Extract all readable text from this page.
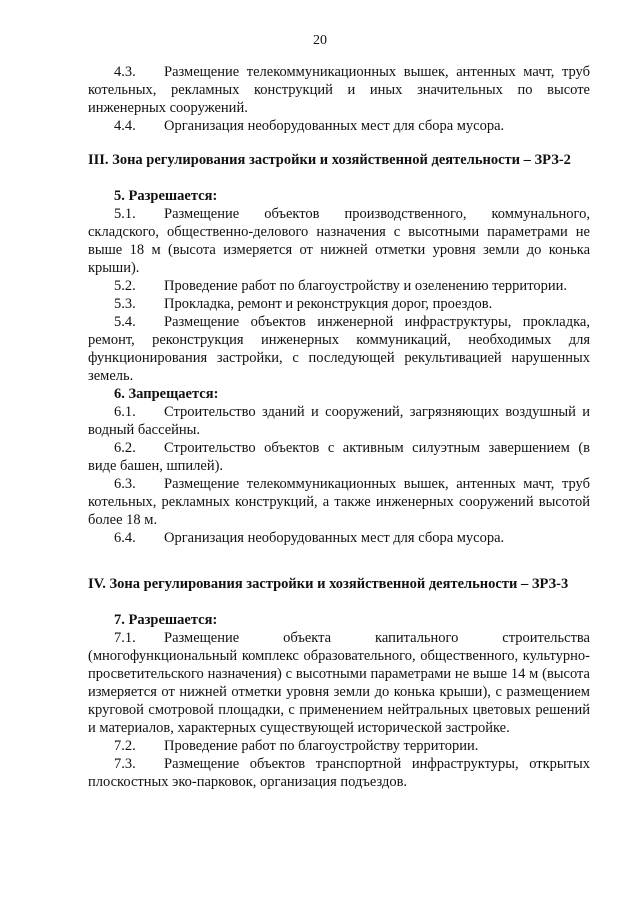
20

4.3. Размещение телекоммуникационных вышек, антенных мачт, труб котельных, рекламных конструкций и иных значительных по высоте инженерных сооружений.

4.4. Организация необорудованных мест для сбора мусора.

III. Зона регулирования застройки и хозяйственной деятельности – ЗРЗ-2

5. Разрешается:

5.1. Размещение объектов производственного, коммунального, складского, общественно-делового назначения с высотными параметрами не выше 18 м (высота измеряется от нижней отметки уровня земли до конька крыши).

5.2. Проведение работ по благоустройству и озеленению территории.

5.3. Прокладка, ремонт и реконструкция дорог, проездов.

5.4. Размещение объектов инженерной инфраструктуры, прокладка, ремонт, реконструкция инженерных коммуникаций, необходимых для функционирования застройки, с последующей рекультивацией нарушенных земель.

6. Запрещается:

6.1. Строительство зданий и сооружений, загрязняющих воздушный и водный бассейны.

6.2. Строительство объектов с активным силуэтным завершением (в виде башен, шпилей).

6.3. Размещение телекоммуникационных вышек, антенных мачт, труб котельных, рекламных конструкций, а также инженерных сооружений высотой более 18 м.

6.4. Организация необорудованных мест для сбора мусора.

IV. Зона регулирования застройки и хозяйственной деятельности – ЗРЗ-3

7. Разрешается:

7.1. Размещение объекта капитального строительства (многофункциональный комплекс образовательного, общественного, культурно-просветительского назначения) с высотными параметрами не выше 14 м (высота измеряется от нижней отметки уровня земли до конька крыши), с размещением круговой смотровой площадки, с применением нейтральных цветовых решений и материалов, характерных существующей исторической застройке.

7.2. Проведение работ по благоустройству территории.

7.3. Размещение объектов транспортной инфраструктуры, открытых плоскостных эко-парковок, организация подъездов.
